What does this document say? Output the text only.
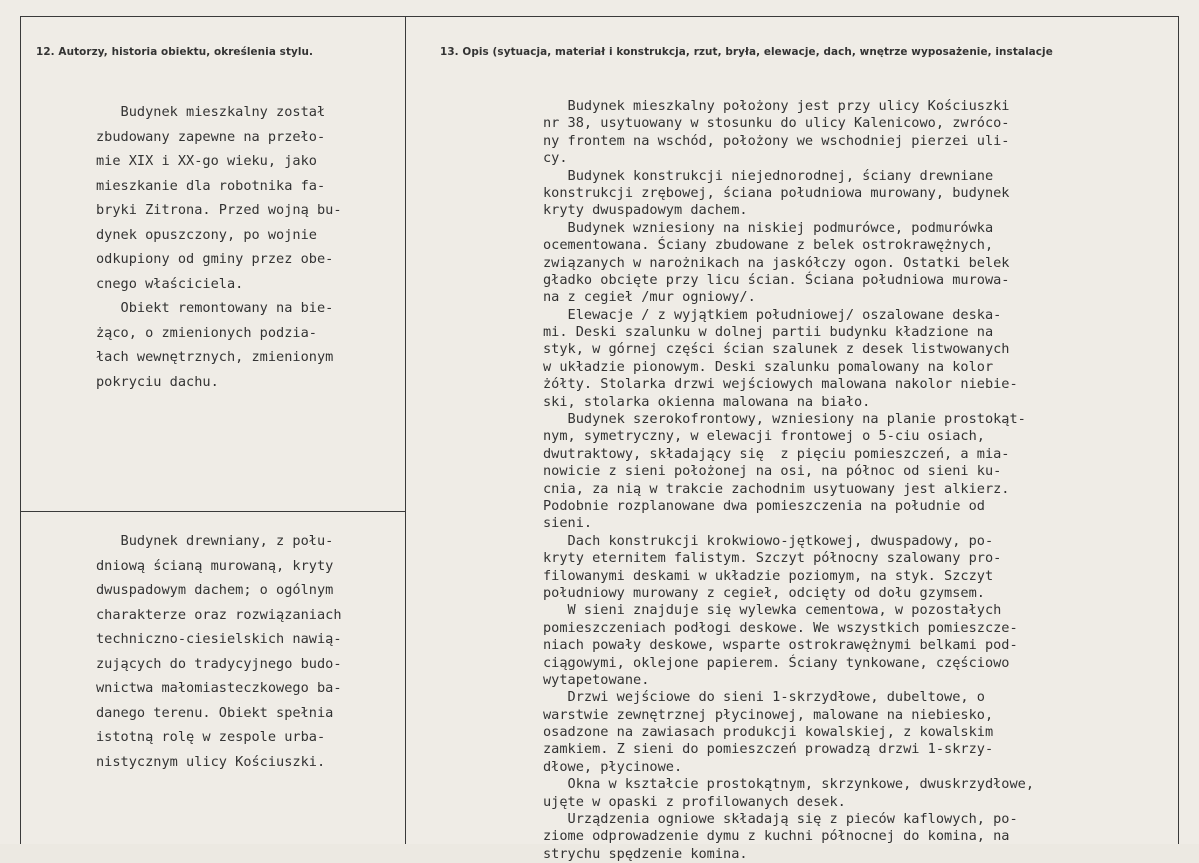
12. Autorzy, historia obiektu, określenia stylu.	13. Opis (sytuacja, materiał i konstrukcja, rzut, bryła, elewacje, dach, wnętrze wyposażenie, instalacje
Budynek mieszkalny został
zbudowany zapewne na przeło-
mie XIX i XX-go wieku, jako
mieszkanie dla robotnika fa-
bryki Zitrona. Przed wojną bu-
dynek opuszczony, po wojnie
odkupiony od gminy przez obe-
cnego właściciela.
Obiekt remontowany na bie-
żąco, o zmienionych podzia-
łach wewnętrznych, zmienionym
pokryciu dachu.
Budynek drewniany, z połu-
dniową ścianą murowaną, kryty
dwuspadowym dachem; o ogólnym
charakterze oraz rozwiązaniach
techniczno-ciesielskich nawią-
zujących do tradycyjnego budo-
wnictwa małomiasteczkowego ba-
danego terenu. Obiekt spełnia
istotną rolę w zespole urba-
nistycznym ulicy Kościuszki.
Budynek mieszkalny położony jest przy ulicy Kościuszki
nr 38, usytuowany w stosunku do ulicy Kalenicowo, zwróco-
ny frontem na wschód, położony we wschodniej pierzei uli-
cy.
Budynek konstrukcji niejednorodnej, ściany drewniane
konstrukcji zrębowej, ściana południowa murowany, budynek
kryty dwuspadowym dachem.
Budynek wzniesiony na niskiej podmurówce, podmurówka
ocementowana. Ściany zbudowane z belek ostrokrawężnych,
związanych w narożnikach na jaskółczy ogon. Ostatki belek
gładko obcięte przy licu ścian. Ściana południowa murowa-
na z cegieł /mur ogniowy/.
Elewacje / z wyjątkiem południowej/ oszalowane deska-
mi. Deski szalunku w dolnej partii budynku kładzione na
styk, w górnej części ścian szalunek z desek listwowanych
w układzie pionowym. Deski szalunku pomalowany na kolor
żółty. Stolarka drzwi wejściowych malowana nakolor niebie-
ski, stolarka okienna malowana na biało.
Budynek szerokofrontowy, wzniesiony na planie prostokąt-
nym, symetryczny, w elewacji frontowej o 5-ciu osiach,
dwutraktowy, składający się  z pięciu pomieszczeń, a mia-
nowicie z sieni położonej na osi, na północ od sieni ku-
cnia, za nią w trakcie zachodnim usytuowany jest alkierz.
Podobnie rozplanowane dwa pomieszczenia na południe od
sieni.
Dach konstrukcji krokwiowo-jętkowej, dwuspadowy, po-
kryty eternitem falistym. Szczyt północny szalowany pro-
filowanymi deskami w układzie poziomym, na styk. Szczyt
południowy murowany z cegieł, odcięty od dołu gzymsem.
W sieni znajduje się wylewka cementowa, w pozostałych
pomieszczeniach podłogi deskowe. We wszystkich pomieszcze-
niach powały deskowe, wsparte ostrokrawężnymi belkami pod-
ciągowymi, oklejone papierem. Ściany tynkowane, częściowo
wytapetowane.
Drzwi wejściowe do sieni 1-skrzydłowe, dubeltowe, o
warstwie zewnętrznej płycinowej, malowane na niebiesko,
osadzone na zawiasach produkcji kowalskiej, z kowalskim
zamkiem. Z sieni do pomieszczeń prowadzą drzwi 1-skrzy-
dłowe, płycinowe.
Okna w kształcie prostokątnym, skrzynkowe, dwuskrzydłowe,
ujęte w opaski z profilowanych desek.
Urządzenia ogniowe składają się z pieców kaflowych, po-
ziome odprowadzenie dymu z kuchni północnej do komina, na
strychu spędzenie komina.
